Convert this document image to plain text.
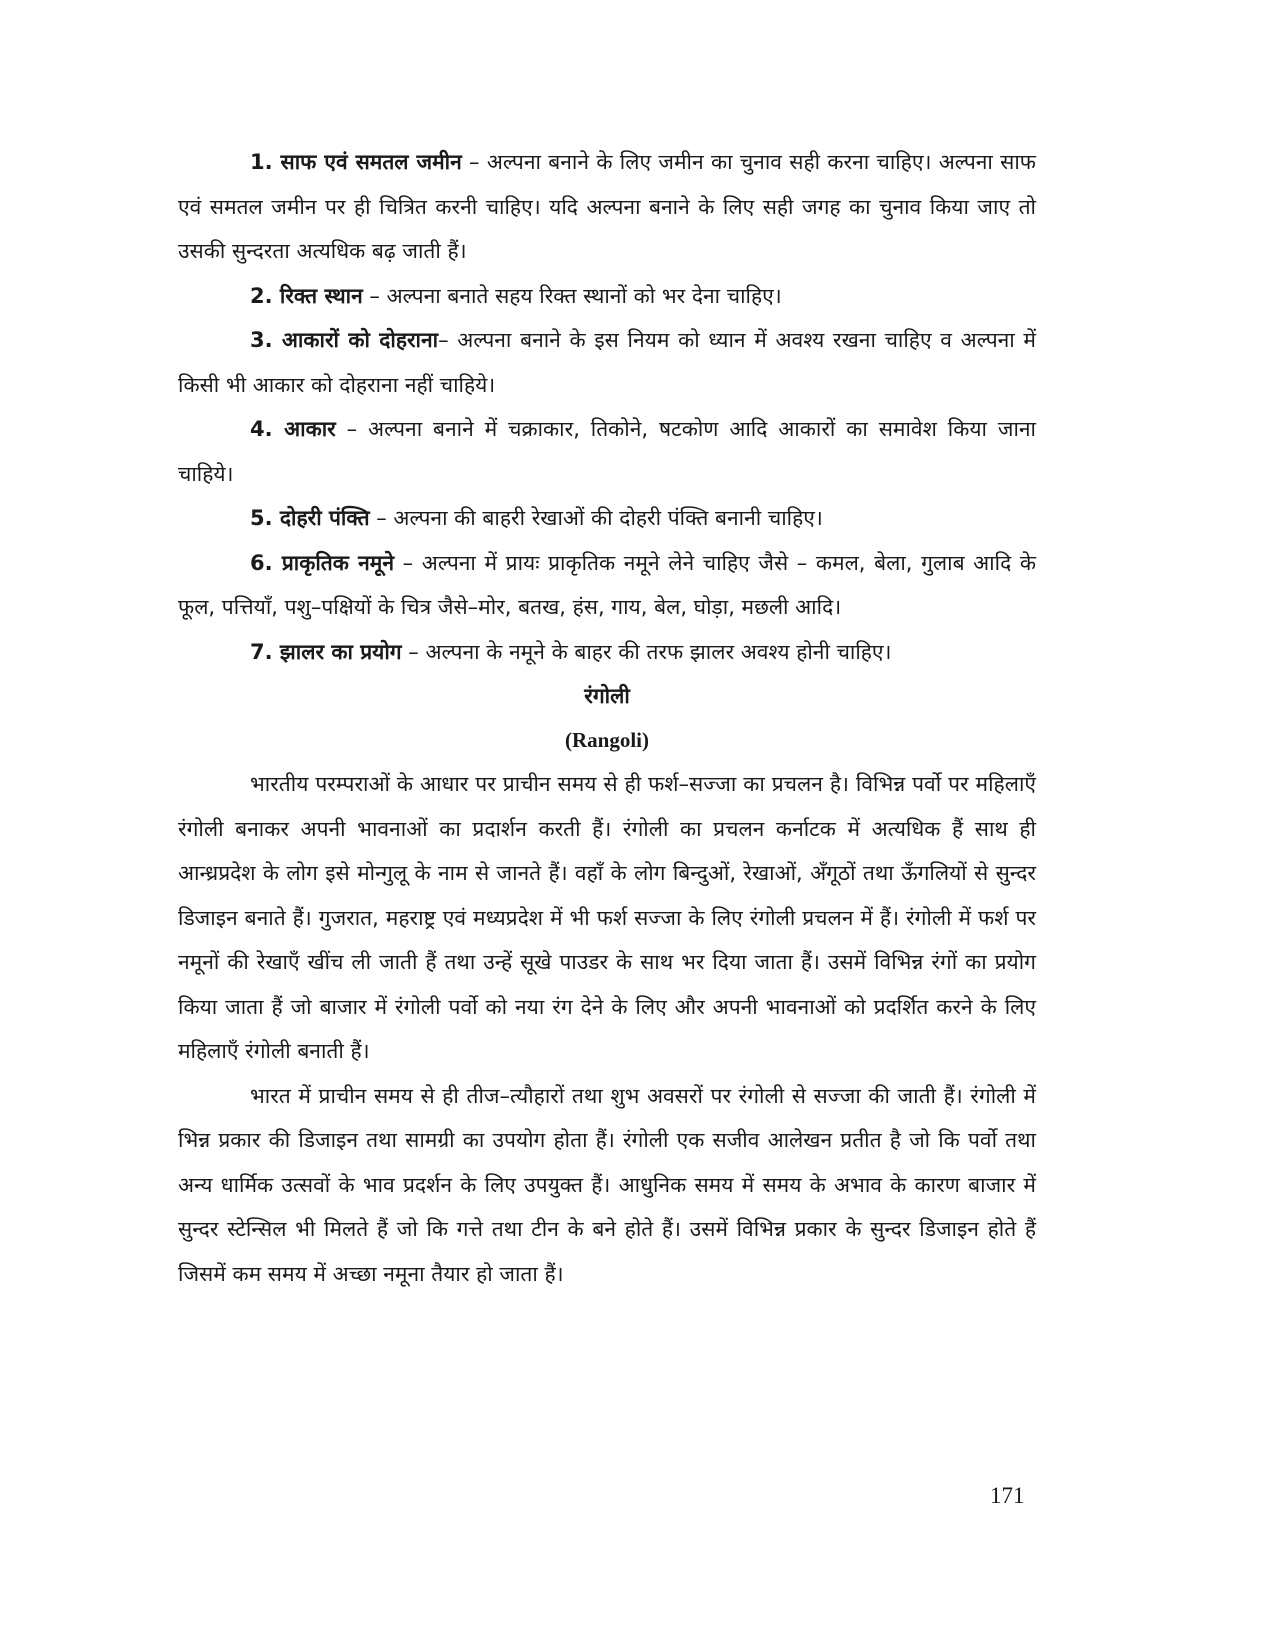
1. साफ एवं समतल जमीन – अल्पना बनाने के लिए जमीन का चुनाव सही करना चाहिए। अल्पना साफ एवं समतल जमीन पर ही चित्रित करनी चाहिए। यदि अल्पना बनाने के लिए सही जगह का चुनाव किया जाए तो उसकी सुन्दरता अत्यधिक बढ़ जाती हैं।

2. रिक्त स्थान – अल्पना बनाते सहय रिक्त स्थानों को भर देना चाहिए।

3. आकारों को दोहराना– अल्पना बनाने के इस नियम को ध्यान में अवश्य रखना चाहिए व अल्पना में किसी भी आकार को दोहराना नहीं चाहिये।

4. आकार – अल्पना बनाने में चक्राकार, तिकोने, षटकोण आदि आकारों का समावेश किया जाना चाहिये।

5. दोहरी पंक्ति – अल्पना की बाहरी रेखाओं की दोहरी पंक्ति बनानी चाहिए।

6. प्राकृतिक नमूने – अल्पना में प्रायः प्राकृतिक नमूने लेने चाहिए जैसे – कमल, बेला, गुलाब आदि के फूल, पत्तियाँ, पशु–पक्षियों के चित्र जैसे–मोर, बतख, हंस, गाय, बेल, घोड़ा, मछली आदि।

7. झालर का प्रयोग – अल्पना के नमूने के बाहर की तरफ झालर अवश्य होनी चाहिए।

रंगोली

(Rangoli)

भारतीय परम्पराओं के आधार पर प्राचीन समय से ही फर्श–सज्जा का प्रचलन है। विभिन्न पर्वो पर महिलाएँ रंगोली बनाकर अपनी भावनाओं का प्रदार्शन करती हैं। रंगोली का प्रचलन कर्नाटक में अत्यधिक हैं साथ ही आन्ध्रप्रदेश के लोग इसे मोन्गुलू के नाम से जानते हैं। वहाँ के लोग बिन्दुओं, रेखाओं, अँगूठों तथा ऊँगलियों से सुन्दर डिजाइन बनाते हैं। गुजरात, महराष्ट्र एवं मध्यप्रदेश में भी फर्श सज्जा के लिए रंगोली प्रचलन में हैं। रंगोली में फर्श पर नमूनों की रेखाएँ खींच ली जाती हैं तथा उन्हें सूखे पाउडर के साथ भर दिया जाता हैं। उसमें विभिन्न रंगों का प्रयोग किया जाता हैं जो बाजार में रंगोली पर्वो को नया रंग देने के लिए और अपनी भावनाओं को प्रदर्शित करने के लिए महिलाएँ रंगोली बनाती हैं।

भारत में प्राचीन समय से ही तीज–त्यौहारों तथा शुभ अवसरों पर रंगोली से सज्जा की जाती हैं। रंगोली में भिन्न प्रकार की डिजाइन तथा सामग्री का उपयोग होता हैं। रंगोली एक सजीव आलेखन प्रतीत है जो कि पर्वो तथा अन्य धार्मिक उत्सवों के भाव प्रदर्शन के लिए उपयुक्त हैं। आधुनिक समय में समय के अभाव के कारण बाजार में सुन्दर स्टेन्सिल भी मिलते हैं जो कि गत्ते तथा टीन के बने होते हैं। उसमें विभिन्न प्रकार के सुन्दर डिजाइन होते हैं जिसमें कम समय में अच्छा नमूना तैयार हो जाता हैं।

171
